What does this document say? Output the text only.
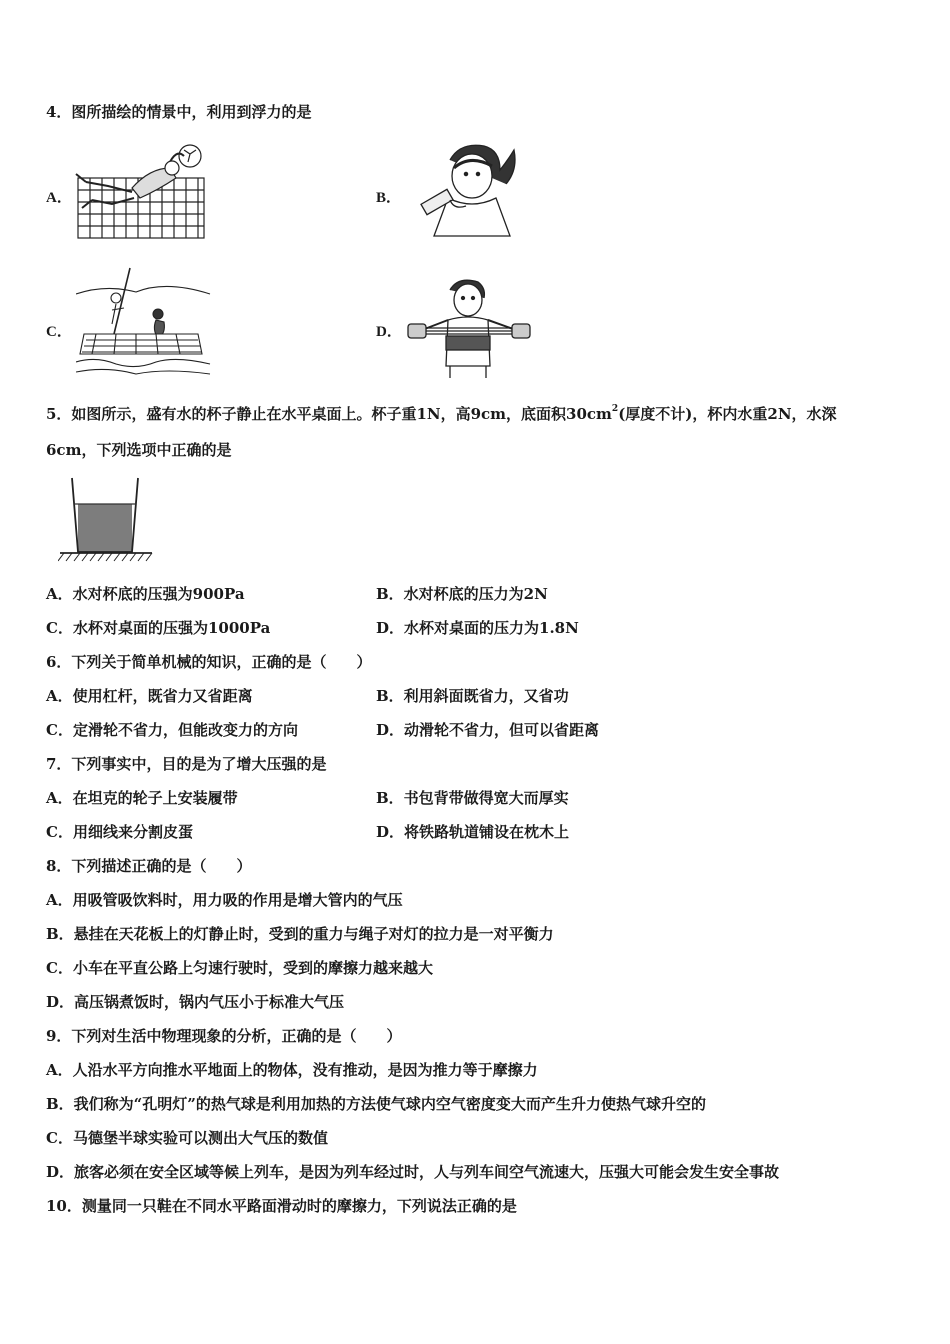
4．图所描绘的情景中，利用到浮力的是
A．	B．
C．	D．
5．如图所示，盛有水的杯子静止在水平桌面上。杯子重1N，高9cm，底面积$30cm^2$(厚度不计)，杯内水重2N，水深
6cm，下列选项中正确的是
A．水对杯底的压强为900Pa	B．水对杯底的压力为2N
C．水杯对桌面的压强为1000Pa	D．水杯对桌面的压力为1.8N
6．下列关于简单机械的知识，正确的是（　　）
A．使用杠杆，既省力又省距离	B．利用斜面既省力，又省功
C．定滑轮不省力，但能改变力的方向	D．动滑轮不省力，但可以省距离
7．下列事实中，目的是为了增大压强的是
A．在坦克的轮子上安装履带	B．书包背带做得宽大而厚实
C．用细线来分割皮蛋	D．将铁路轨道铺设在枕木上
8．下列描述正确的是（　　）
A．用吸管吸饮料时，用力吸的作用是增大管内的气压
B．悬挂在天花板上的灯静止时，受到的重力与绳子对灯的拉力是一对平衡力
C．小车在平直公路上匀速行驶时，受到的摩擦力越来越大
D．高压锅煮饭时，锅内气压小于标准大气压
9．下列对生活中物理现象的分析，正确的是（　　）
A．人沿水平方向推水平地面上的物体，没有推动，是因为推力等于摩擦力
B．我们称为“孔明灯”的热气球是利用加热的方法使气球内空气密度变大而产生升力使热气球升空的
C．马德堡半球实验可以测出大气压的数值
D．旅客必须在安全区域等候上列车，是因为列车经过时，人与列车间空气流速大，压强大可能会发生安全事故
10．测量同一只鞋在不同水平路面滑动时的摩擦力，下列说法正确的是
